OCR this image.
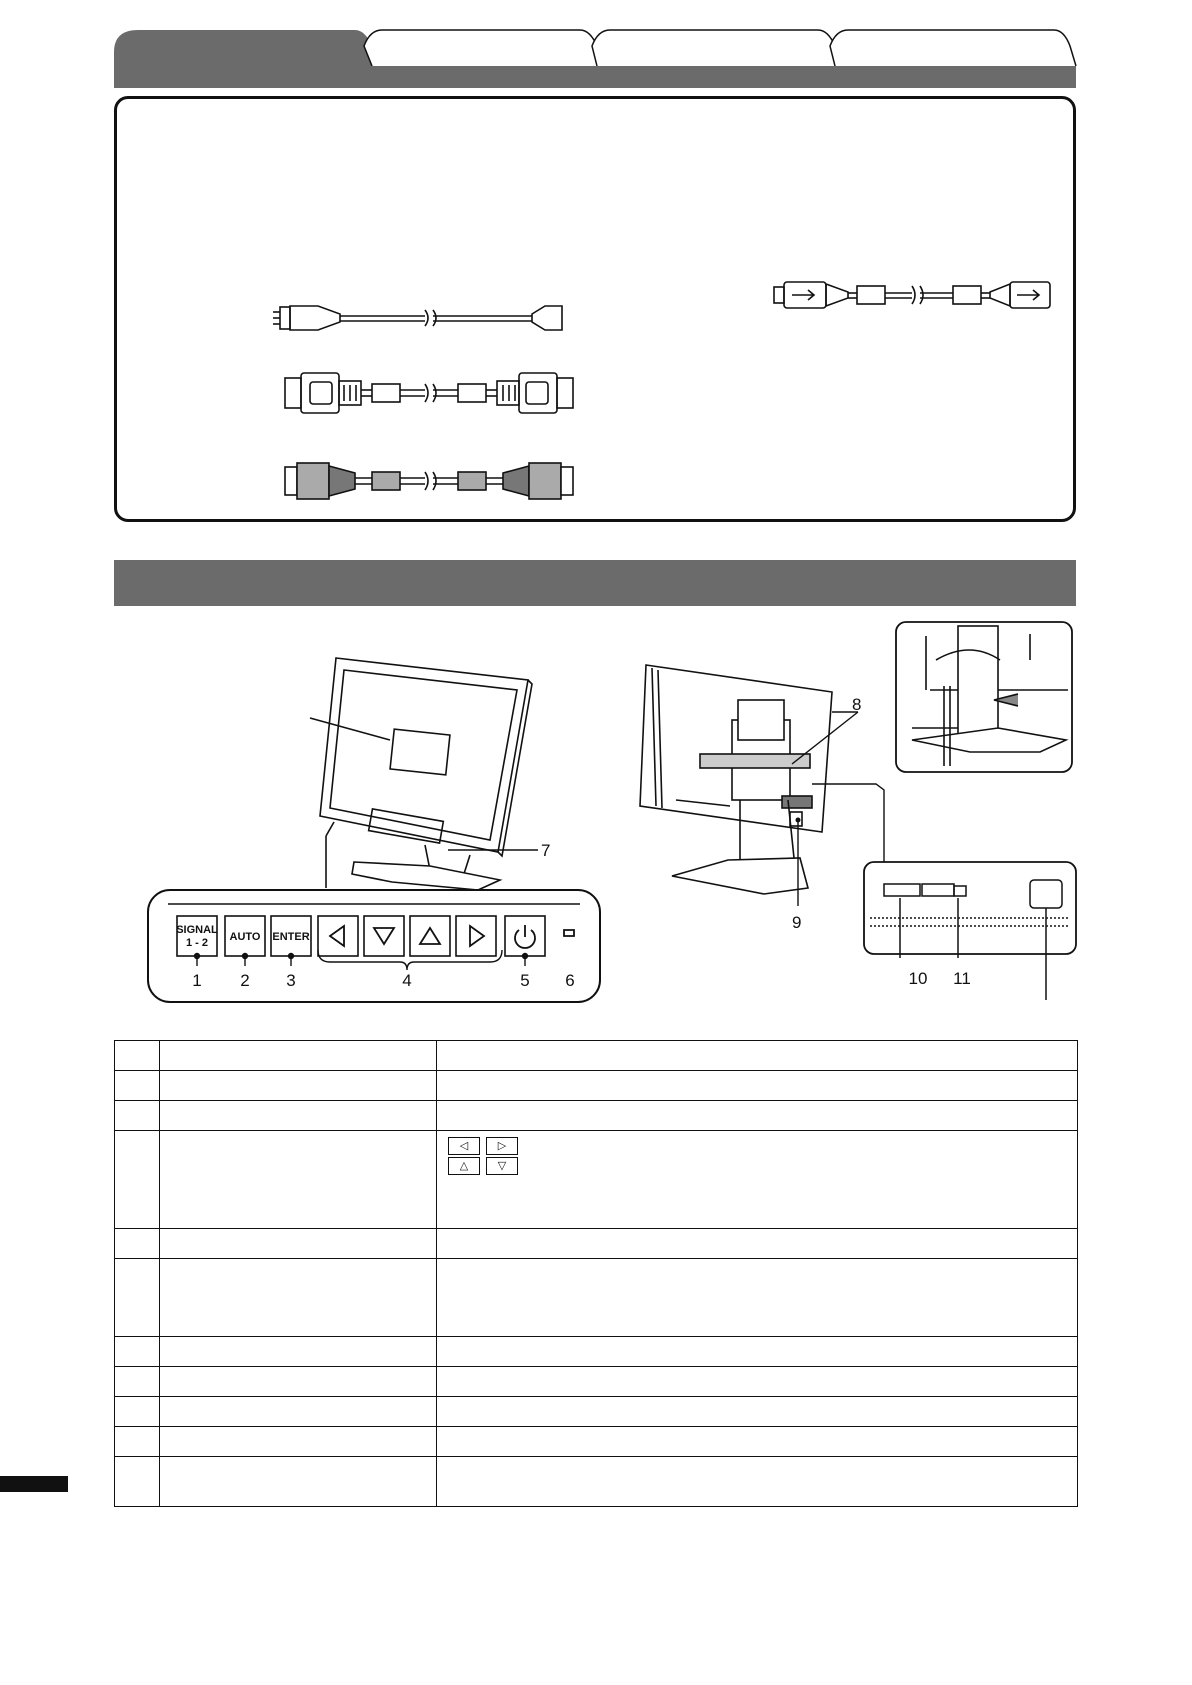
7
SIGNAL
1 - 2 AUTO ENTER
1 2 3	4	5 6
8
9
10 11

		◁ ▷
△ ▽
